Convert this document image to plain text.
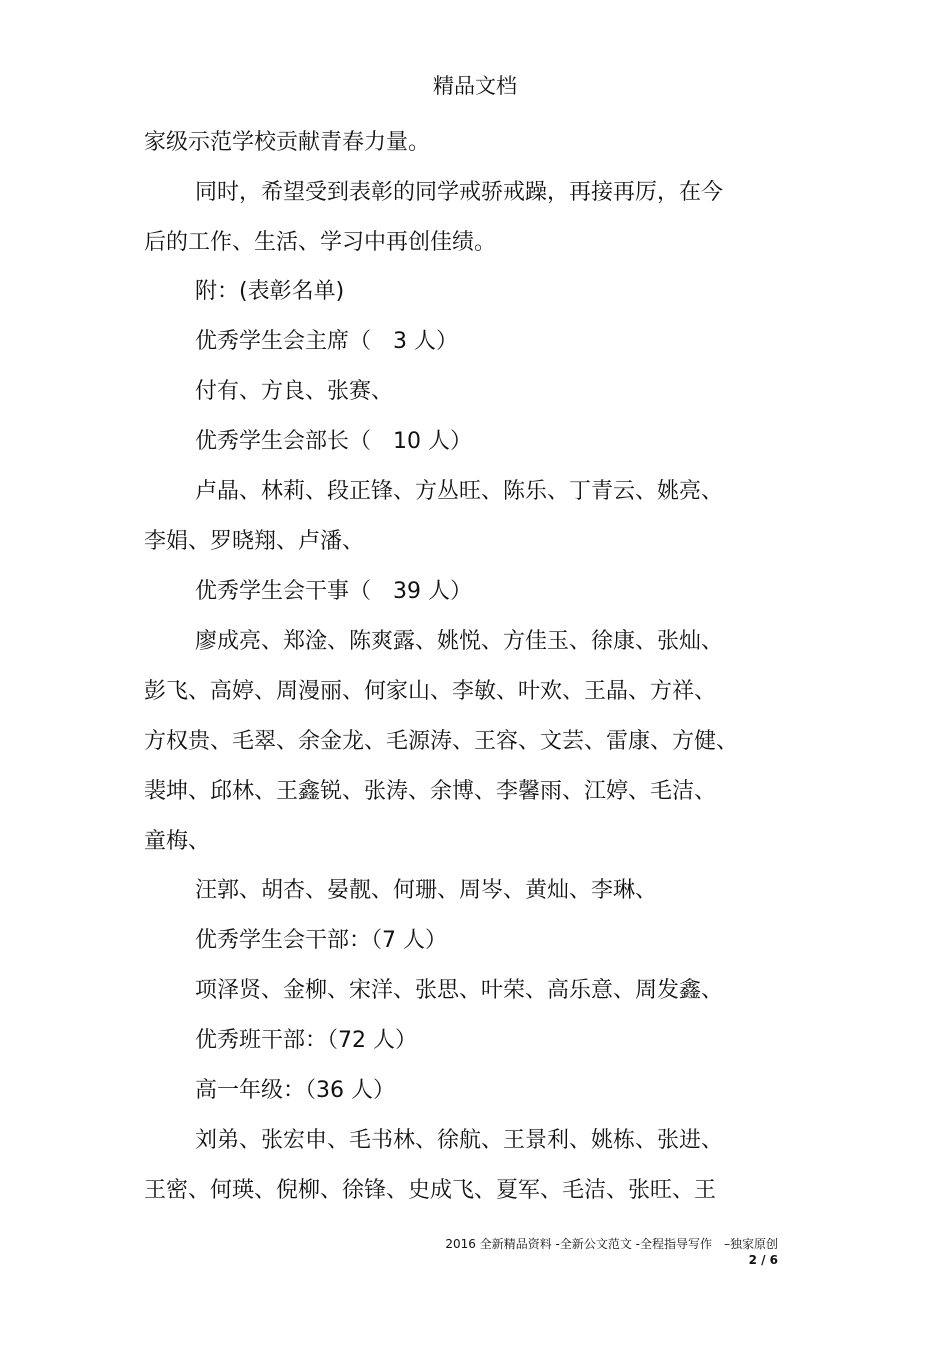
精品文档
家级示范学校贡献青春力量。
同时，希望受到表彰的同学戒骄戒躁，再接再厉，在今
后的工作、生活、学习中再创佳绩。
附：(表彰名单)
优秀学生会主席（　3 人）
付有、方良、张赛、
优秀学生会部长（　10 人）
卢晶、林莉、段正锋、方丛旺、陈乐、丁青云、姚亮、
李娟、罗晓翔、卢潘、
优秀学生会干事（　39 人）
廖成亮、郑淦、陈爽露、姚悦、方佳玉、徐康、张灿、
彭飞、高婷、周漫丽、何家山、李敏、叶欢、王晶、方祥、
方权贵、毛翠、余金龙、毛源涛、王容、文芸、雷康、方健、
裴坤、邱林、王鑫锐、张涛、余博、李馨雨、江婷、毛洁、
童梅、
汪郭、胡杏、晏靓、何珊、周岑、黄灿、李琳、
优秀学生会干部：（7 人）
项泽贤、金柳、宋洋、张思、叶荣、高乐意、周发鑫、
优秀班干部：（72 人）
高一年级：（36 人）
刘弟、张宏申、毛书林、徐航、王景利、姚栋、张进、
王密、何瑛、倪柳、徐锋、史成飞、夏军、毛洁、张旺、王
2016 全新精品资料 -全新公文范文 -全程指导写作　–独家原创
2 / 6
